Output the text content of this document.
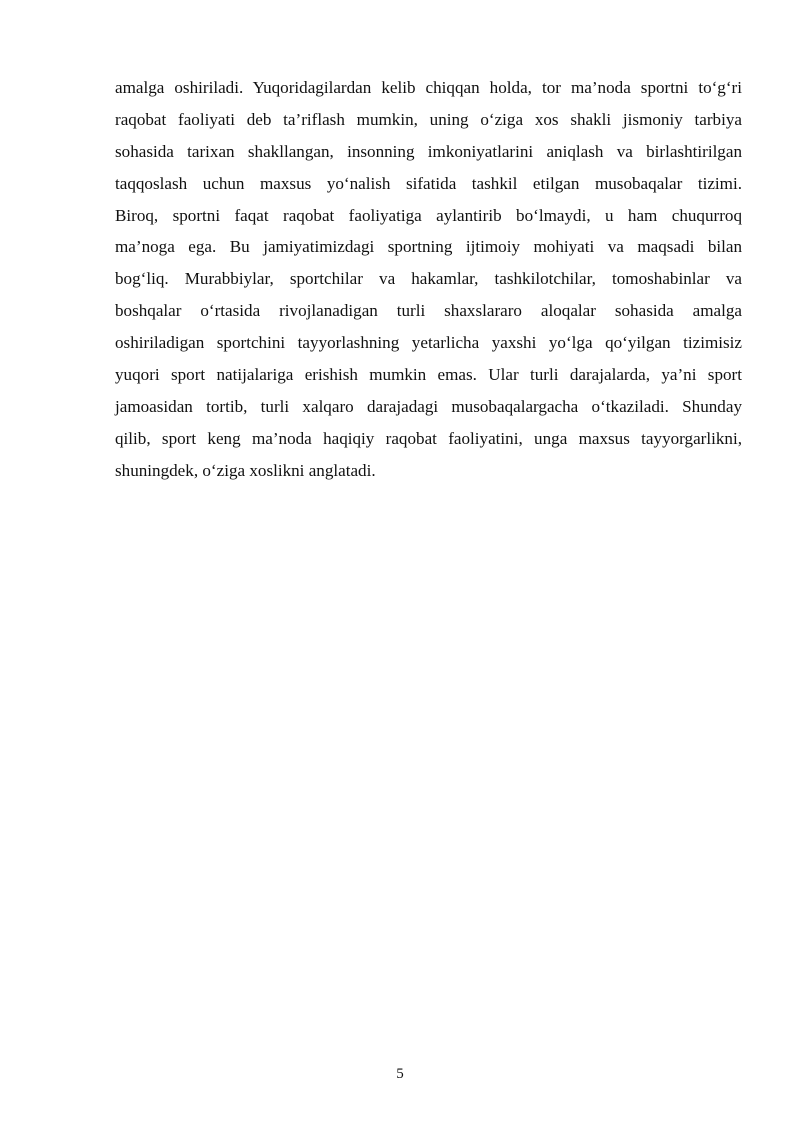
amalga oshiriladi. Yuqoridagilardan kelib chiqqan holda, tor ma’noda sportni to‘g‘ri
raqobat faoliyati deb ta’riflash mumkin, uning o‘ziga xos shakli jismoniy tarbiya
sohasida tarixan shakllangan, insonning imkoniyatlarini aniqlash va birlashtirilgan
taqqoslash uchun maxsus yo‘nalish sifatida tashkil etilgan musobaqalar tizimi.
Biroq, sportni faqat raqobat faoliyatiga aylantirib bo‘lmaydi, u ham chuqurroq
ma’noga ega. Bu jamiyatimizdagi sportning ijtimoiy mohiyati va maqsadi bilan
bog‘liq. Murabbiylar, sportchilar va hakamlar, tashkilotchilar, tomoshabinlar va
boshqalar o‘rtasida rivojlanadigan turli shaxslararo aloqalar sohasida amalga
oshiriladigan sportchini tayyorlashning yetarlicha yaxshi yo‘lga qo‘yilgan tizimisiz
yuqori sport natijalariga erishish mumkin emas. Ular turli darajalarda, ya’ni sport
jamoasidan tortib, turli xalqaro darajadagi musobaqalargacha o‘tkaziladi. Shunday
qilib, sport keng ma’noda haqiqiy raqobat faoliyatini, unga maxsus tayyorgarlikni,
shuningdek, o‘ziga xoslikni anglatadi.
5
